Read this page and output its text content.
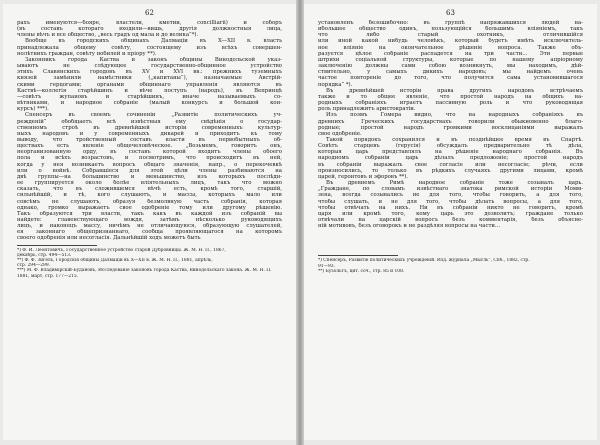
62
рахъ именуются—бояре, властели, кметии, concilliarii) и соборъ
(въ составъ котораго входили—вишь, другія должностныя лица,
члены вѣчъ и все общество, „весь градъ од мала и до велика“*).
Вообще въ городскихъ общинахъ Далмаціи въ X—XII в. власть
принадлежала общему совѣту, состоящему изъ всѣхъ совершен-
нолѣтнихъ граждан, совѣту нобилей и пріору **).
Законникъ города Каства и законъ общины Винодольской указ-
ываютъ не слѣдующее государственно-общинное устройство
этихъ Славянскихъ городовъ въ XV и XVI вв.: прежнихъ туземныхъ
князей замѣнили намѣстники („капитаны“), назначаемые Австрій-
скими герцогами; органами общиннаго управленія являются въ
Каствѣ—коллегія старѣйшинъ и вѣче поступъ (народъ), въ Вепринцѣ
—совѣтъ жупановъ и старѣйшинъ, иначе называемыхъ со-
вѣтниками, и народное собраніе (малый конкурсъ и большой кон-
курсъ) ***).
Спенсеръ въ своемъ сочиненіи „Развитіе политическихъ уч-
режденій“ обобщаетъ всѣ извѣстныя ему свѣдѣнія о государ-
ственномъ строѣ въ древнѣйшей исторіи современныхъ культур-
ныхъ народовъ и у современныхъ дикарей и приходитъ къ тому
выводу, что тройственный составъ власти въ первобытныхъ об-
ществахъ есть явленіе общечеловѣческое. „Возьмемъ, говоритъ онъ,
неорганизованную орду, въ составъ которой входитъ члены обоего
пола и всѣхъ возрастовъ, и посмотримъ, что происходитъ въ ней,
когда у нея возникаетъ вопросъ общаго значенія, напр., о перекочевкѣ
или о войнѣ. Собравшіеся для этой цѣли члены разбиваются на
двѣ группы—на большинство и меньшинство, изъ которыхъ послѣдн-
ее группируется около болѣе вліятельныхъ лицъ, такъ что можно
сказать, что въ сложившемся вѣчѣ есть, кромѣ того, старшій,
сильнѣйшій, и тѣ, кого слушаютъ, и массы, которыхъ мало или
совсѣмъ не слушаютъ, образуя безмолвную часть собранія, которая
однако, громко выражаетъ свое одобреніе тому или другому рѣшенію.
Такъ образуются три власти, такъ какъ въ каждой изъ собраній вы
найдете: главенствующаго вождя, затѣмъ нѣсколько руководящихъ
лицъ, и наконецъ массу, ничѣмъ не отличающуюся, образующую слушателей,
ея законнаго общепризнаннаго, сообща проявляющагося на которомъ
своего одобренія или несогласія. Дальнѣйшій ходъ можетъ быть
*) Ф. И. Леонтовичъ, Государственное устройство старой Дубровницы. Ж. М. Н. П., 1867,
декабрь, стр. 494—513.
**) Ф. Ф. Зигель, Городскія общины Далмаціи въ X—XII в. Ж. М. Н. П., 1881, апрѣль,
стр. 294—299.
***) М. Ф. Владимірскій-Будановъ, Исследованіе законовъ города Каства, Винодольскаго закона. Ж. М. Н. П.
1881, март, стр. 177—215.
63
установленъ безошибочно: въ группѣ напряжавшихся людей на-
ибольшее общество одинъ, пользующійся большимъ вліяніемъ, такъ
что либо старый охотникъ, отличившійся
или иной какой нибудь человѣкъ, который будетъ имѣть исключитель-
ное вліяніе на окончательное рѣшеніе вопроса. Также объ-
разуется цѣлое собраніе распадется на три части... Эти первые
штрихи соціальной структуры, которые по нашему апріорному
заключенію должны сами собою возникнуть, мы находимъ, дѣй-
ствительно, у самыхъ дикихъ народовъ; мы найдемъ очень
частое повтореніе до того, что получится сама установившагося
порядка“ *).
Въ древнѣйшей исторіи права другихъ народовъ встрѣчаемъ
также и то общее явленіе, что простой народъ на общихъ на-
родныхъ собраніяхъ играетъ пассивную роль и что руководящая
роль принадлежитъ аристократіи.
Изъ поэмъ Гомера видно, что на народныхъ собраніяхъ въ
древнихъ Греческихъ государствахъ говорили обыкновенно благо-
родные; простой народъ громкими восклицаніями выражалъ
свое одобреніе.
Такой порядокъ сохранился и въ позднѣйшее время въ Спартѣ.
Совѣтъ старцевъ (герусія) обсуждалъ предварительно тѣ дѣла,
которыя царь представлялъ на рѣшеніе народнаго собранія. Въ
народномъ собраніи царь дѣлалъ предложеніе; простой народъ
въ собраніи выражалъ свое согласіе или несогласіе; рѣчи, если
произносились, то только въ рѣдкихъ случаяхъ другими лицами, кромѣ
царей, геронтовъ и эфоровъ **).
Въ древнемъ Римѣ народное собраніе тоже созывалъ царь.
„Граждане, по словамъ извѣстнаго знатока римской исторіи Момм-
зена, всегда созывались не для того, чтобы говорить, а для того,
чтобы слушать, и не для того, чтобы дѣлать вопросы, а для того,
чтобы отвѣчать на нихъ. Ни въ собраніи никто не говоритъ, кромѣ
царя или кромѣ того, кому царь это дозволитъ; граждане только
отвѣчали на царскій вопросъ безъ комментарія, безъ объясне-
ній мотивовъ, безъ оговорокъ и не раздѣляя вопросы на части...
*) Спенсеръ, Развитіе политическихъ учрежденій. Изд. журнала „Мысль“, Спб., 1882, стр.
91—93.
**) Бузольтъ, цит. соч., стр. 85 и 108.
